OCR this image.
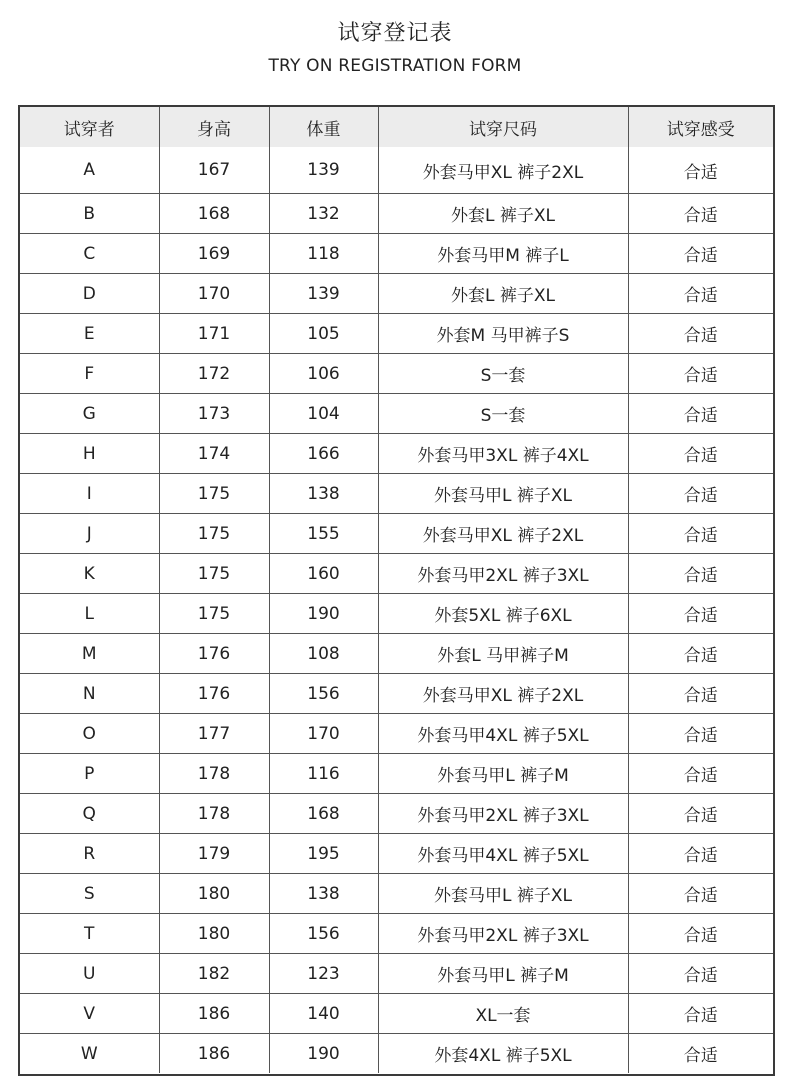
试穿登记表
TRY ON REGISTRATION FORM
试穿者	身高	体重	试穿尺码	试穿感受
A	167	139	外套马甲XL 裤子2XL	合适
B	168	132	外套L 裤子XL	合适
C	169	118	外套马甲M 裤子L	合适
D	170	139	外套L 裤子XL	合适
E	171	105	外套M 马甲裤子S	合适
F	172	106	S一套	合适
G	173	104	S一套	合适
H	174	166	外套马甲3XL 裤子4XL	合适
I	175	138	外套马甲L 裤子XL	合适
J	175	155	外套马甲XL 裤子2XL	合适
K	175	160	外套马甲2XL 裤子3XL	合适
L	175	190	外套5XL 裤子6XL	合适
M	176	108	外套L 马甲裤子M	合适
N	176	156	外套马甲XL 裤子2XL	合适
O	177	170	外套马甲4XL 裤子5XL	合适
P	178	116	外套马甲L 裤子M	合适
Q	178	168	外套马甲2XL 裤子3XL	合适
R	179	195	外套马甲4XL 裤子5XL	合适
S	180	138	外套马甲L 裤子XL	合适
T	180	156	外套马甲2XL 裤子3XL	合适
U	182	123	外套马甲L 裤子M	合适
V	186	140	XL一套	合适
W	186	190	外套4XL 裤子5XL	合适
